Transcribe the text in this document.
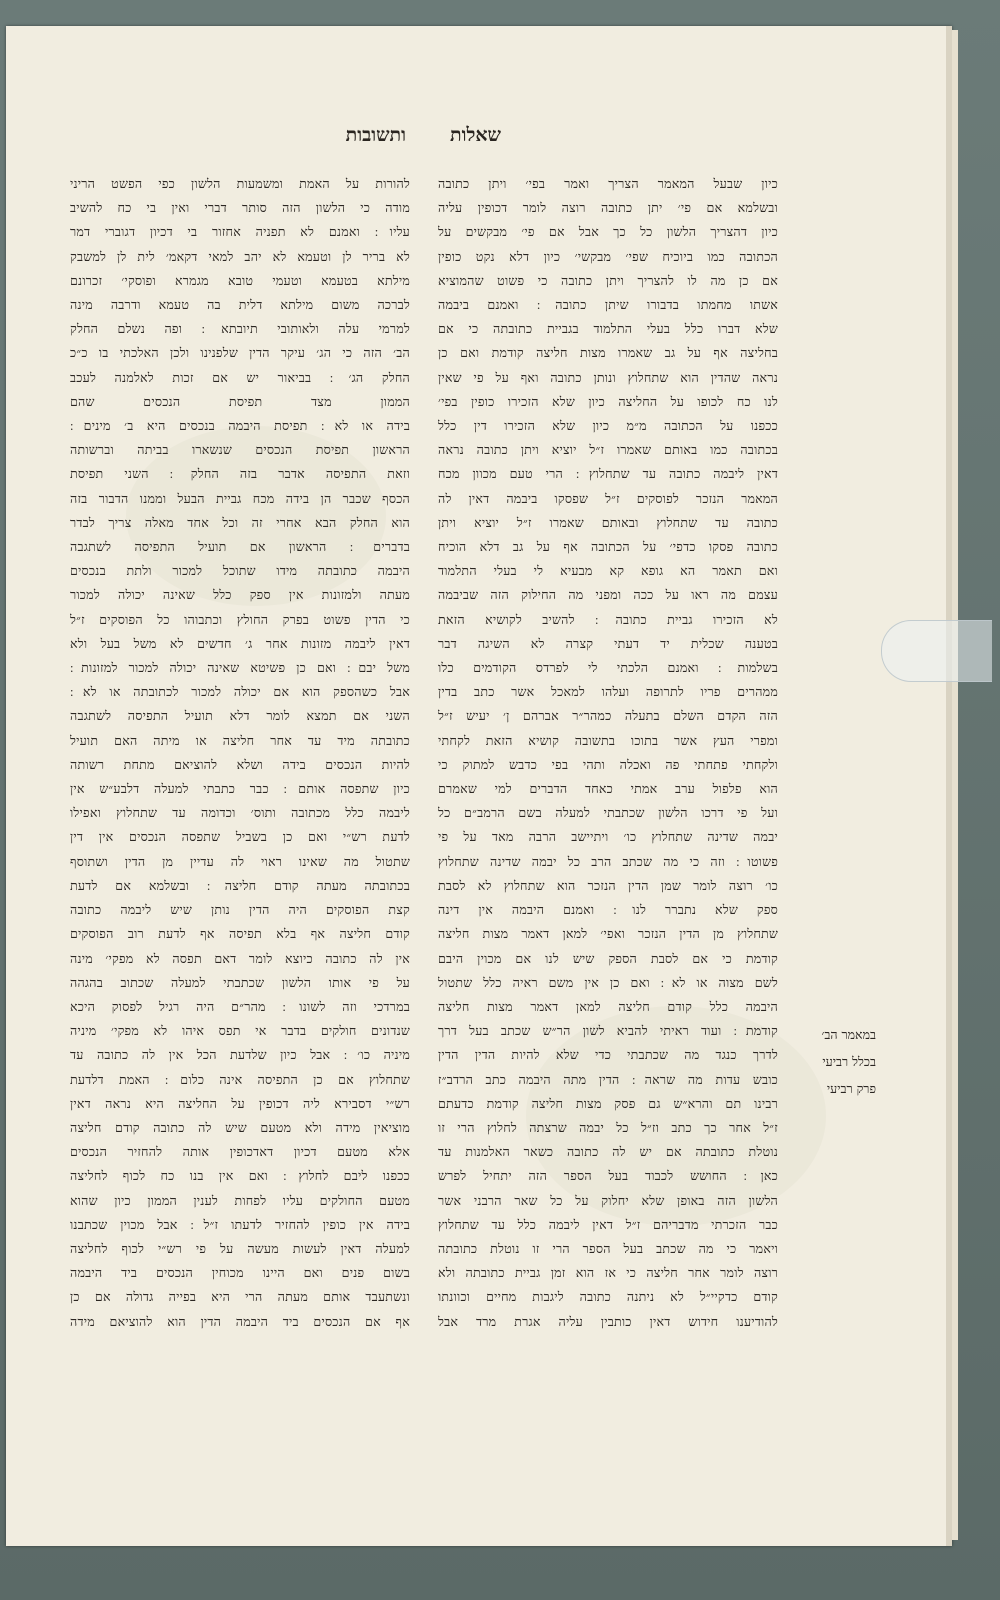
שאלות
ותשובות
כיון שבעל המאמר הצריך ואמר בפי׳ ויתן כתובה
ובשלמא אם פי׳ יתן כתובה רוצה לומר דכופין עליה
כיון דהצריך הלשון כל כך אבל אם פי׳ מבקשים על
הכתובה כמו ביוכיח שפי׳ מבקשי׳ כיון דלא נקט כופין
אם כן מה לו להצריך ויתן כתובה כי פשוט שהמוציא
אשתו מחמתו בדבורו שיתן כתובה ׃ ואמנם ביבמה
שלא דברו כלל בעלי התלמוד בגביית כתובתה כי אם
בחליצה אף על גב שאמרו מצות חליצה קודמת ואם כן
נראה שהדין הוא שתחלוץ ונותן כתובה ואף על פי שאין
לנו כח לכופו על החליצה כיון שלא הזכירו כופין בפי׳
ככפנו על הכתובה מ״מ כיון שלא הזכירו דין כלל
בכתובה כמו באותם שאמרו ז״ל יוציא ויתן כתובה נראה
דאין ליבמה כתובה עד שתחלוץ ׃ הרי טעם מכוון מכח
המאמר הנזכר לפוסקים ז״ל שפסקו ביבמה דאין לה
כתובה עד שתחלוץ ובאותם שאמרו ז״ל יוציא ויתן
כתובה פסקו כדפי׳ על הכתובה אף על גב דלא הוכיח
ואם תאמר הא גופא קא מבעיא לי בעלי התלמוד
עצמם מה ראו על ככה ומפני מה החילוק הזה שביבמה
לא הזכירו גביית כתובה ׃ להשיב לקושיא הזאת
בטענה שכלית יד דעתי קצרה לא השיגה דבר
בשלמות ׃ ואמנם הלכתי לי לפרדס הקודמים כלו
ממהרים פריו לתרופה ועלהו למאכל אשר כתב בדין
הזה הקדם השלם בתעלה כמהר״ר אברהם ן׳ יעיש ז״ל
ומפרי העץ אשר בתוכו בתשובה קושיא הזאת לקחתי
ולקחתי פתחתי פה ואכלה ותהי בפי כדבש למתוק כי
הוא פלפול ערב אמתי כאחד הדברים למי שאמרם
ועל פי דרכו הלשון שכתבתי למעלה בשם הרמב״ם כל
יבמה שדינה שתחלוץ כו׳ ויתיישב הרבה מאד על פי
פשוטו ׃ וזה כי מה שכתב הרב כל יבמה שדינה שתחלוץ
כו׳ רוצה לומר שמן הדין הנזכר הוא שתחלוץ לא לסבת
ספק שלא נתברר לנו ׃ ואמנם היבמה אין דינה
שתחלוץ מן הדין הנזכר ואפי׳ למאן דאמר מצות חליצה
קודמת כי אם לסבת הספק שיש לנו אם מכוין היבם
לשם מצוה או לא ׃ ואם כן אין משם ראיה כלל שתטול
היבמה כלל קודם חליצה למאן דאמר מצות חליצה
קודמת ׃ ועוד ראיתי להביא לשון הר״ש שכתב בעל דרך
לדרך כנגד מה שכתבתי כדי שלא להיות הדין הדין
כובש עדות מה שראה ׃ הדין מתה היבמה כתב הרדב״ז
רבינו תם והרא״ש גם פסק מצות חליצה קודמת כדעתם
ז״ל אחר כך כתב וז״ל כל יבמה שרצתה לחלוץ הרי זו
נוטלת כתובתה אם יש לה כתובה כשאר האלמנות עד
כאן ׃ החושש לכבוד בעל הספר הזה יתחיל לפרש
הלשון הזה באופן שלא יחלוק על כל שאר הרבני אשר
כבר הזכרתי מדבריהם ז״ל דאין ליבמה כלל עד שתחלוץ
ויאמר כי מה שכתב בעל הספר הרי זו נוטלת כתובתה
רוצה לומר אחר חליצה כי אז הוא זמן גביית כתובתה ולא
קודם כדקיי״ל לא ניתנה כתובה ליגבות מחיים וכוונתו
להודיענו חידוש דאין כותבין עליה אגרת מרד אבל
להורות על האמת ומשמעות הלשון כפי הפשט הריני
מודה כי הלשון הזה סותר דברי ואין בי כח להשיב
עליו ׃ ואמנם לא תפניה אחזור בי דכיון דגוברי דמר
לא בריר לן וטעמא לא יהב למאי דקאמ׳ לית לן למשבק
מילתא בטעמא וטעמי טובא מגמרא ופוסקי׳ זכרונם
לברכה משום מילתא דלית בה טעמא ודרבה מינה
למרמי עלה ולאותובי תיובתא ׃ ופה נשלם החלק
הב׳ הזה כי הג׳ עיקר הדין שלפנינו ולכן האלכתי בו כ״כ
החלק הג׳ ׃ בביאור יש אם זכות לאלמנה לעכב
הממון מצד תפיסת הנכסים שהם
בידה או לא ׃ תפיסת היבמה בנכסים היא ב׳ מינים ׃
הראשון תפיסת הנכסים שנשארו בביתה וברשותה
וזאת התפיסה אדבר בזה החלק ׃ השני תפיסת
הכסף שכבר הן בידה מכח גביית הבעל וממנו הדבור בזה
הוא החלק הבא אחרי זה וכל אחד מאלה צריך לבדר
בדברים ׃ הראשון אם תועיל התפיסה לשתגבה
היבמה כתובתה מידו שתוכל למכור ולתת בנכסים
מעתה ולמזונות אין ספק כלל שאינה יכולה למכור
כי הדין פשוט בפרק החולץ וכתבוהו כל הפוסקים ז״ל
דאין ליבמה מזונות אחר ג׳ חדשים לא משל בעל ולא
משל יבם ׃ ואם כן פשיטא שאינה יכולה למכור למזונות ׃
אבל כשהספק הוא אם יכולה למכור לכתובתה או לא ׃
השני אם תמצא לומר דלא תועיל התפיסה לשתגבה
כתובתה מיד עד אחר חליצה או מיתה האם תועיל
להיות הנכסים בידה ושלא להוציאם מתחת רשותה
כיון שתפסה אותם ׃ כבר כתבתי למעלה דלבע״ש אין
ליבמה כלל מכתובה ותוס׳ וכדומה עד שתחלוץ ואפילו
לדעת רש״י ואם כן בשביל שתפסה הנכסים אין דין
שתטול מה שאינו ראוי לה עדיין מן הדין ושתוסף
בכתובתה מעתה קודם חליצה ׃ ובשלמא אם לדעת
קצת הפוסקים היה הדין נותן שיש ליבמה כתובה
קודם חליצה אף בלא תפיסה אף לדעת רוב הפוסקים
אין לה כתובה כיוצא לומר דאם תפסה לא מפקי׳ מינה
על פי אותו הלשון שכתבתי למעלה שכתוב בהגהה
במרדכי וזה לשונו ׃ מהר״ם היה רגיל לפסוק היכא
שנדונים חולקים בדבר אי תפס איהו לא מפקי׳ מיניה
מיניה כו׳ ׃ אבל כיון שלדעת הכל אין לה כתובה עד
שתחלוץ אם כן התפיסה אינה כלום ׃ האמת דלדעת
רש״י דסבירא ליה דכופין על החליצה היא נראה דאין
מוציאין מידה ולא מטעם שיש לה כתובה קודם חליצה
אלא מטעם דכיון דאדכופין אותה להחזיר הנכסים
ככפנו ליבם לחלוץ ׃ ואם אין בנו כח לכוף לחליצה
מטעם החולקים עליו לפחות לענין הממון כיון שהוא
בידה אין כופין להחזיר לדעתו ז״ל ׃ אבל מכוין שכתבנו
למעלה דאין לעשות מעשה על פי רש״י לכוף לחליצה
בשום פנים ואם היינו מכוחין הנכסים ביד היבמה
ונשתעבד אותם מעתה הרי היא בפייה גדולה אם כן
אף אם הנכסים ביד היבמה הדין הוא להוציאם מידה
במאמר הב׳
בכלל רביעי
פרק רביעי
